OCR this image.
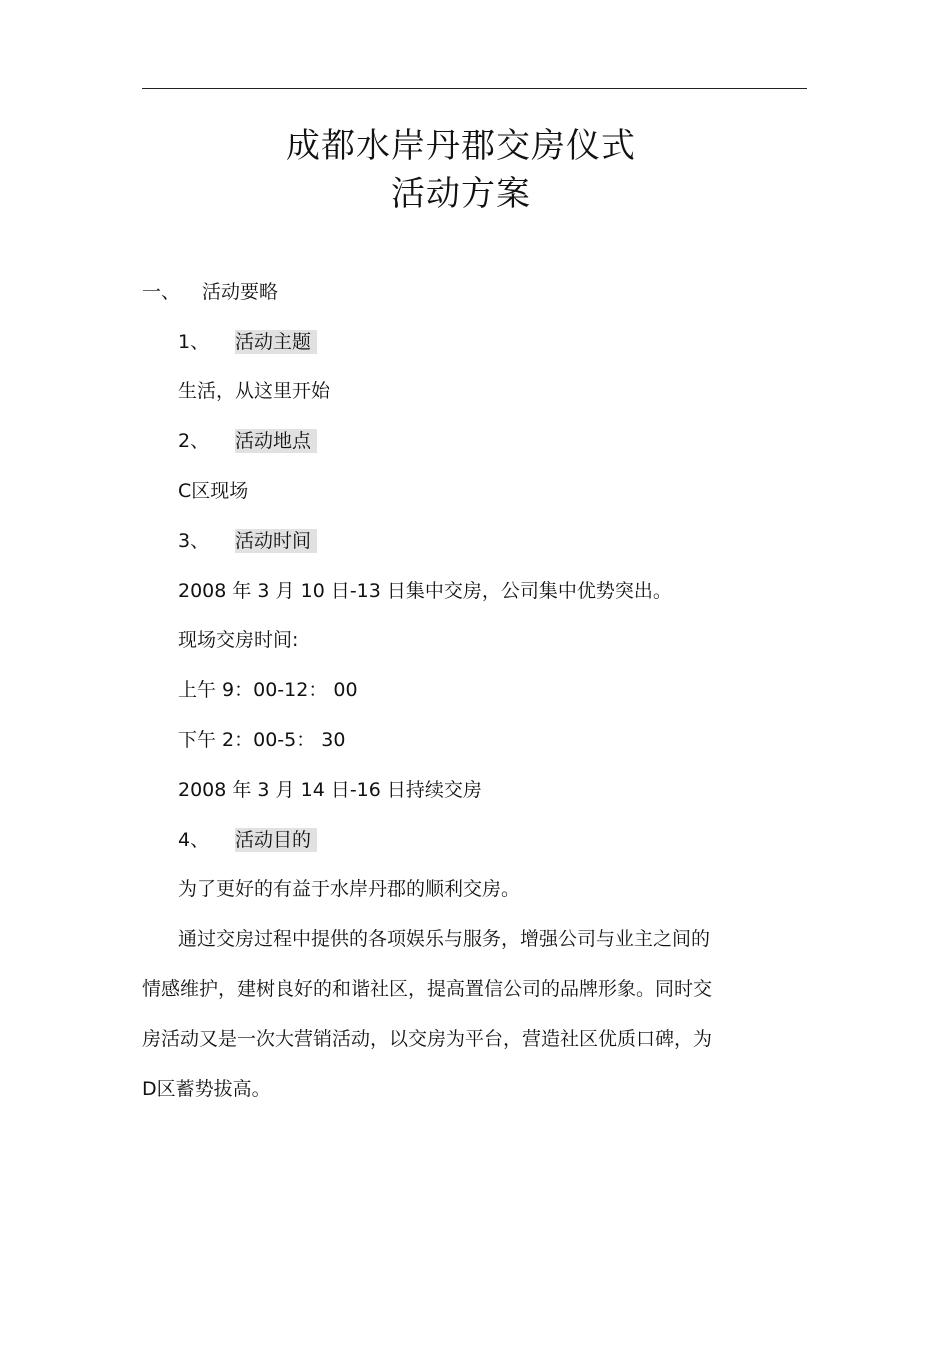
成都水岸丹郡交房仪式
活动方案
一、 活动要略
1、 活动主题
生活，从这里开始
2、 活动地点
C区现场
3、 活动时间
2008 年 3 月 10 日-13 日集中交房，公司集中优势突出。
现场交房时间:
上午 9：00-12： 00
下午 2：00-5： 30
2008 年 3 月 14 日-16 日持续交房
4、 活动目的
为了更好的有益于水岸丹郡的顺利交房。
通过交房过程中提供的各项娱乐与服务，增强公司与业主之间的
情感维护，建树良好的和谐社区，提高置信公司的品牌形象。同时交
房活动又是一次大营销活动，以交房为平台，营造社区优质口碑，为
D区蓄势拔高。
